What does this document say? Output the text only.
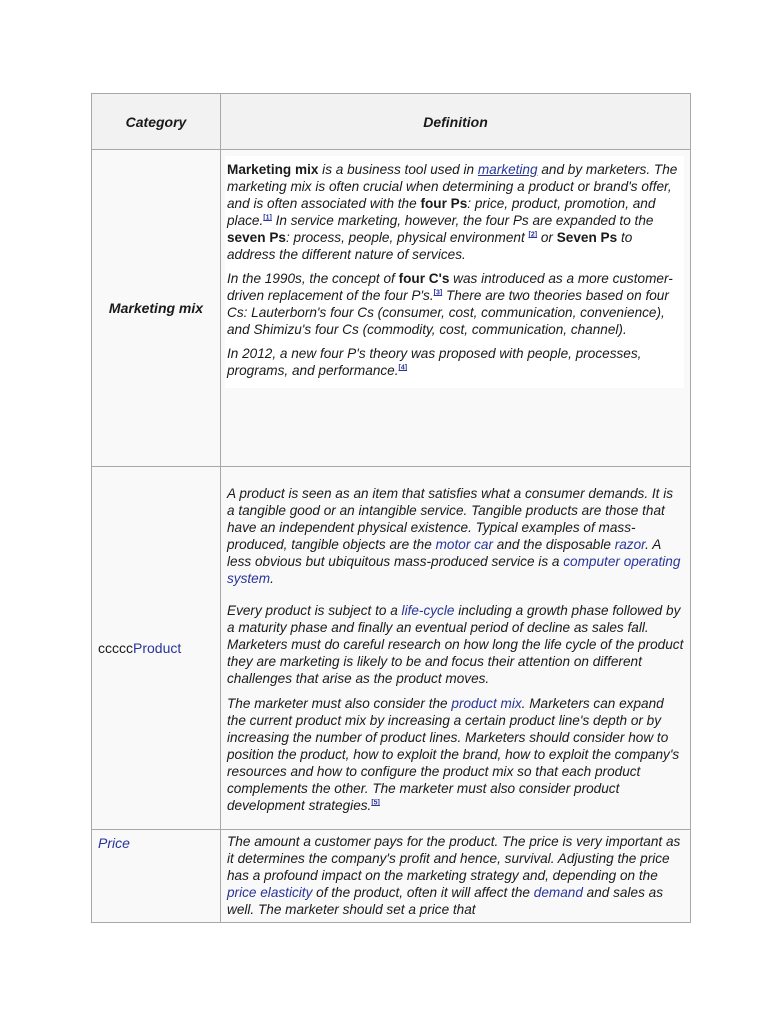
Category	Definition
Marketing mix

Marketing mix is a business tool used in marketing and by marketers. The marketing mix is often crucial when determining a product or brand's offer, and is often associated with the four Ps: price, product, promotion, and place.[1] In service marketing, however, the four Ps are expanded to the seven Ps: process, people, physical environment [2] or Seven Ps to address the different nature of services.

In the 1990s, the concept of four C's was introduced as a more customer-driven replacement of the four P's.[3] There are two theories based on four Cs: Lauterborn's four Cs (consumer, cost, communication, convenience), and Shimizu's four Cs (commodity, cost, communication, channel).

In 2012, a new four P's theory was proposed with people, processes, programs, and performance.[4]

ccccc Product

A product is seen as an item that satisfies what a consumer demands. It is a tangible good or an intangible service. Tangible products are those that have an independent physical existence. Typical examples of mass-produced, tangible objects are the motor car and the disposable razor. A less obvious but ubiquitous mass-produced service is a computer operating system.

Every product is subject to a life-cycle including a growth phase followed by a maturity phase and finally an eventual period of decline as sales fall. Marketers must do careful research on how long the life cycle of the product they are marketing is likely to be and focus their attention on different challenges that arise as the product moves.

The marketer must also consider the product mix. Marketers can expand the current product mix by increasing a certain product line's depth or by increasing the number of product lines. Marketers should consider how to position the product, how to exploit the brand, how to exploit the company's resources and how to configure the product mix so that each product complements the other. The marketer must also consider product development strategies.[5]

Price	The amount a customer pays for the product. The price is very important as it determines the company's profit and hence, survival. Adjusting the price has a profound impact on the marketing strategy and, depending on the price elasticity of the product, often it will affect the demand and sales as well. The marketer should set a price that
